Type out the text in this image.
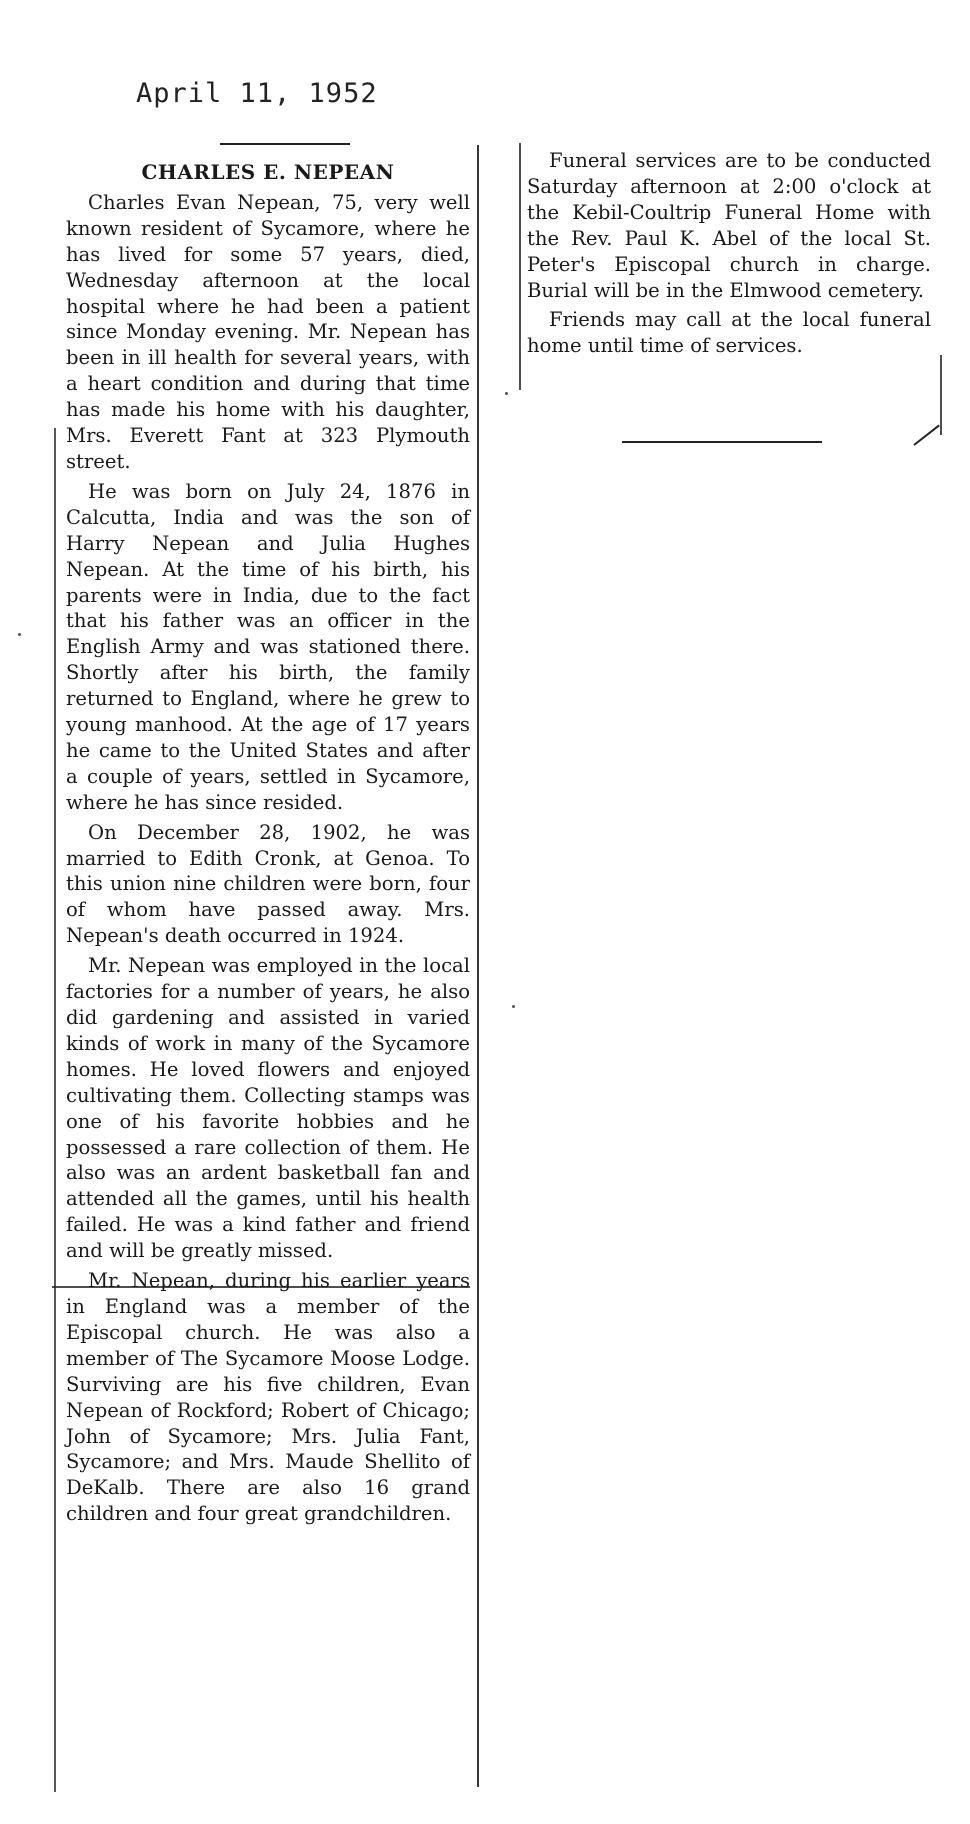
April 11, 1952

CHARLES E. NEPEAN

Charles Evan Nepean, 75, very well known resident of Sycamore, where he has lived for some 57 years, died, Wednesday afternoon at the local hospital where he had been a patient since Monday evening. Mr. Nepean has been in ill health for several years, with a heart condition and during that time has made his home with his daughter, Mrs. Everett Fant at 323 Plymouth street.

He was born on July 24, 1876 in Calcutta, India and was the son of Harry Nepean and Julia Hughes Nepean. At the time of his birth, his parents were in India, due to the fact that his father was an officer in the English Army and was stationed there. Shortly after his birth, the family returned to England, where he grew to young manhood. At the age of 17 years he came to the United States and after a couple of years, settled in Sycamore, where he has since resided.

On December 28, 1902, he was married to Edith Cronk, at Genoa. To this union nine children were born, four of whom have passed away. Mrs. Nepean's death occurred in 1924.

Mr. Nepean was employed in the local factories for a number of years, he also did gardening and assisted in varied kinds of work in many of the Sycamore homes. He loved flowers and enjoyed cultivating them. Collecting stamps was one of his favorite hobbies and he possessed a rare collection of them. He also was an ardent basketball fan and attended all the games, until his health failed. He was a kind father and friend and will be greatly missed.

Mr. Nepean, during his earlier years in England was a member of the Episcopal church. He was also a member of The Sycamore Moose Lodge. Surviving are his five children, Evan Nepean of Rockford; Robert of Chicago; John of Sycamore; Mrs. Julia Fant, Sycamore; and Mrs. Maude Shellito of DeKalb. There are also 16 grand children and four great grandchildren.

Funeral services are to be conducted Saturday afternoon at 2:00 o'clock at the Kebil-Coultrip Funeral Home with the Rev. Paul K. Abel of the local St. Peter's Episcopal church in charge. Burial will be in the Elmwood cemetery.

Friends may call at the local funeral home until time of services.
